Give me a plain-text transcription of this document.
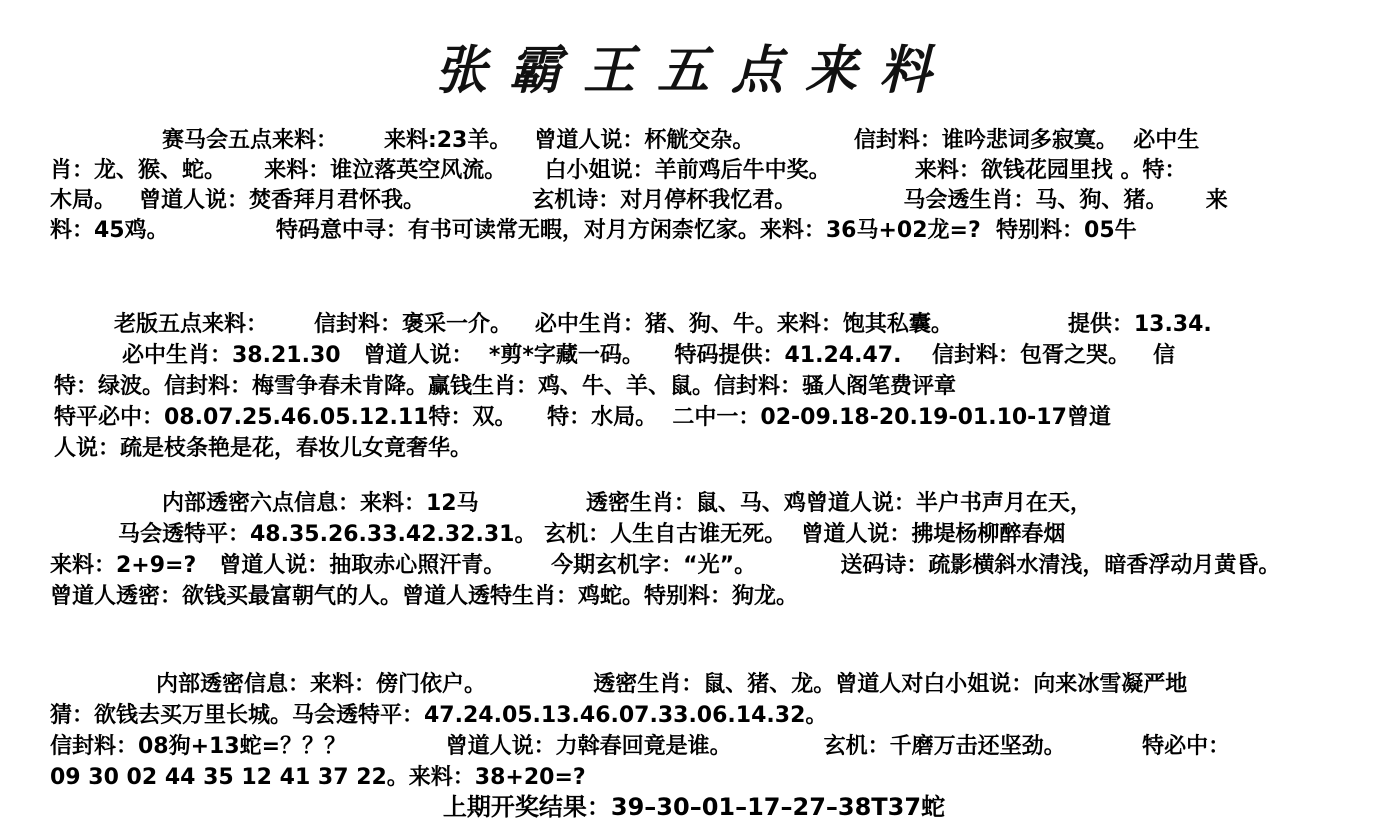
张霸王五点来料
赛马会五点来料：      来料:23羊。   曾道人说：杯觥交杂。             信封料：谁吟悲词多寂寞。  必中生
肖：龙、猴、蛇。     来料：谁泣落英空风流。     白小姐说：羊前鸡后牛中奖。           来料：欲钱花园里找 。特：
木局。   曾道人说：焚香拜月君怀我。              玄机诗：对月停杯我忆君。              马会透生肖：马、狗、猪。     来
料：45鸡。              特码意中寻：有书可读常无暇，对月方闲柰忆家。来料：36马+02龙=?  特别料：05牛
老版五点来料：      信封料：褒采一介。   必中生肖：猪、狗、牛。来料：饱其私囊。               提供：13.34.
必中生肖：38.21.30   曾道人说：  *剪*字藏一码。    特码提供：41.24.47.    信封料：包胥之哭。   信
特：绿波。信封料：梅雪争春未肯降。赢钱生肖：鸡、牛、羊、鼠。信封料：骚人阁笔费评章
特平必中：08.07.25.46.05.12.11特：双。    特：水局。  二中一：02-09.18-20.19-01.10-17曾道
人说：疏是枝条艳是花，春妆儿女竟奢华。
内部透密六点信息：来料：12马              透密生肖：鼠、马、鸡曾道人说：半户书声月在天，
马会透特平：48.35.26.33.42.32.31。 玄机：人生自古谁无死。  曾道人说：拂堤杨柳醉春烟
来料：2+9=?   曾道人说：抽取赤心照汗青。      今期玄机字：“光”。           送码诗：疏影横斜水清浅，暗香浮动月黄昏。
曾道人透密：欲钱买最富朝气的人。曾道人透特生肖：鸡蛇。特别料：狗龙。
内部透密信息：来料：傍门依户。              透密生肖：鼠、猪、龙。曾道人对白小姐说：向来冰雪凝严地
猜：欲钱去买万里长城。马会透特平：47.24.05.13.46.07.33.06.14.32。
信封料：08狗+13蛇=？？？             曾道人说：力斡春回竟是谁。            玄机：千磨万击还坚劲。          特必中：
09 30 02 44 35 12 41 37 22。来料：38+20=?
上期开奖结果：39–30–01–17–27–38T37蛇
